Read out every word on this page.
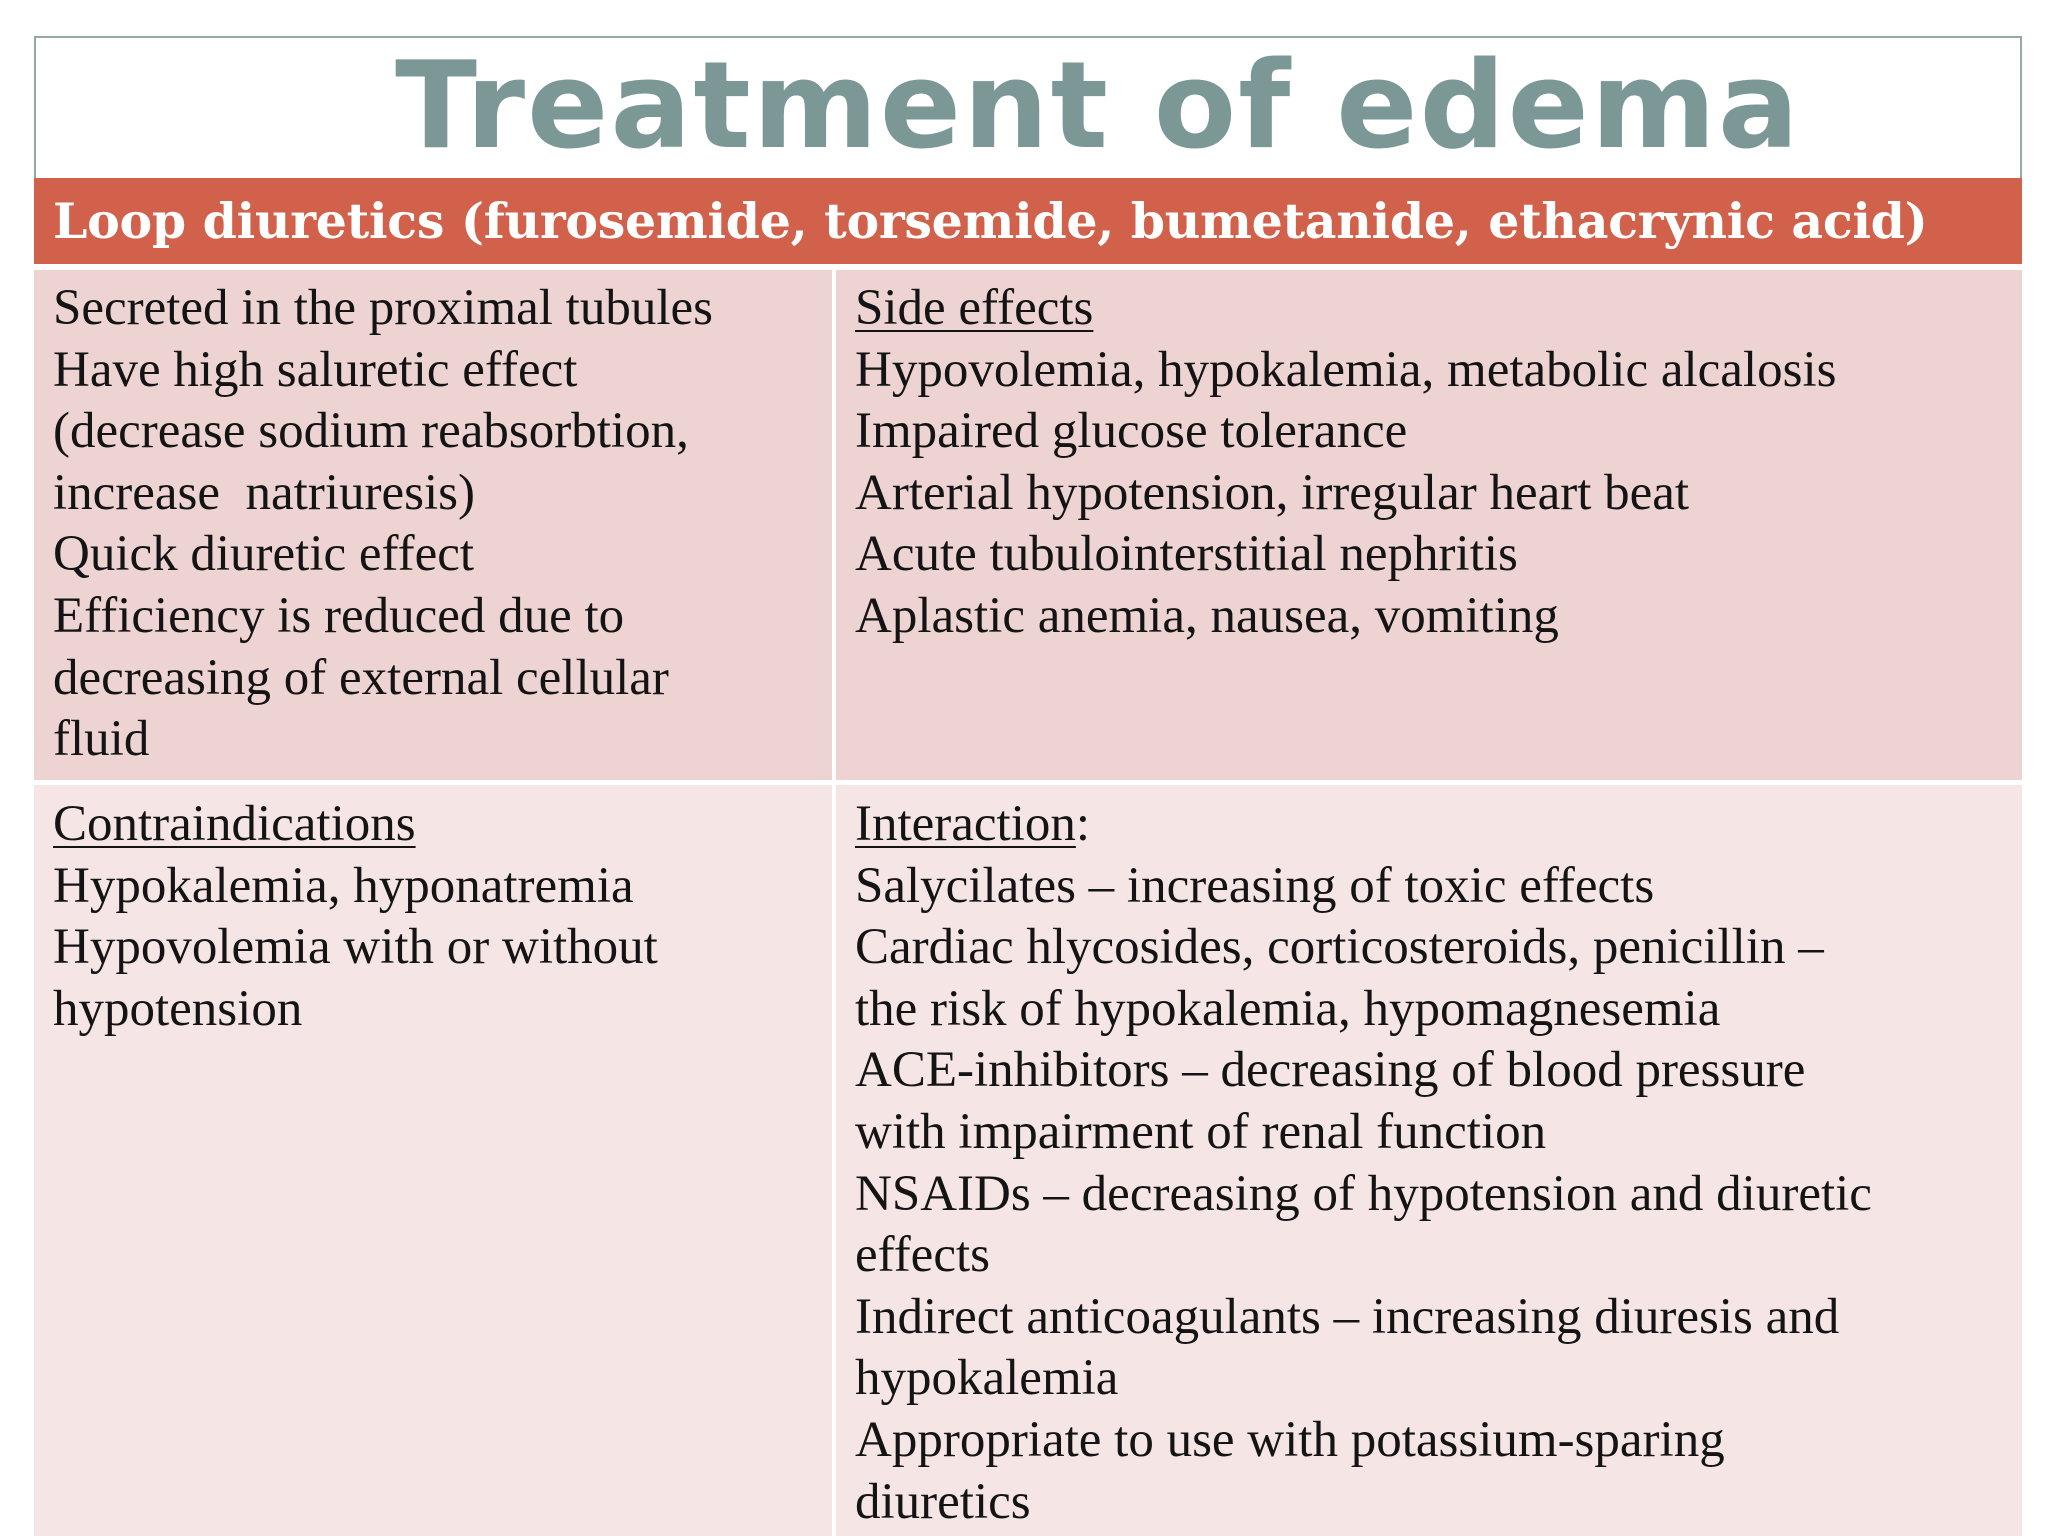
Treatment of edema
Loop diuretics (furosemide, torsemide, bumetanide, ethacrynic acid)
Secreted in the proximal tubules
Have high saluretic effect
(decrease sodium reabsorbtion,
increase  natriuresis)
Quick diuretic effect
Efficiency is reduced due to
decreasing of external cellular
fluid
Side effects
Hypovolemia, hypokalemia, metabolic alcalosis
Impaired glucose tolerance
Arterial hypotension, irregular heart beat
Acute tubulointerstitial nephritis
Aplastic anemia, nausea, vomiting
Contraindications
Hypokalemia, hyponatremia
Hypovolemia with or without
hypotension
Interaction:
Salycilates – increasing of toxic effects
Cardiac hlycosides, corticosteroids, penicillin –
the risk of hypokalemia, hypomagnesemia
ACE-inhibitors – decreasing of blood pressure
with impairment of renal function
NSAIDs – decreasing of hypotension and diuretic
effects
Indirect anticoagulants – increasing diuresis and
hypokalemia
Appropriate to use with potassium-sparing
diuretics
